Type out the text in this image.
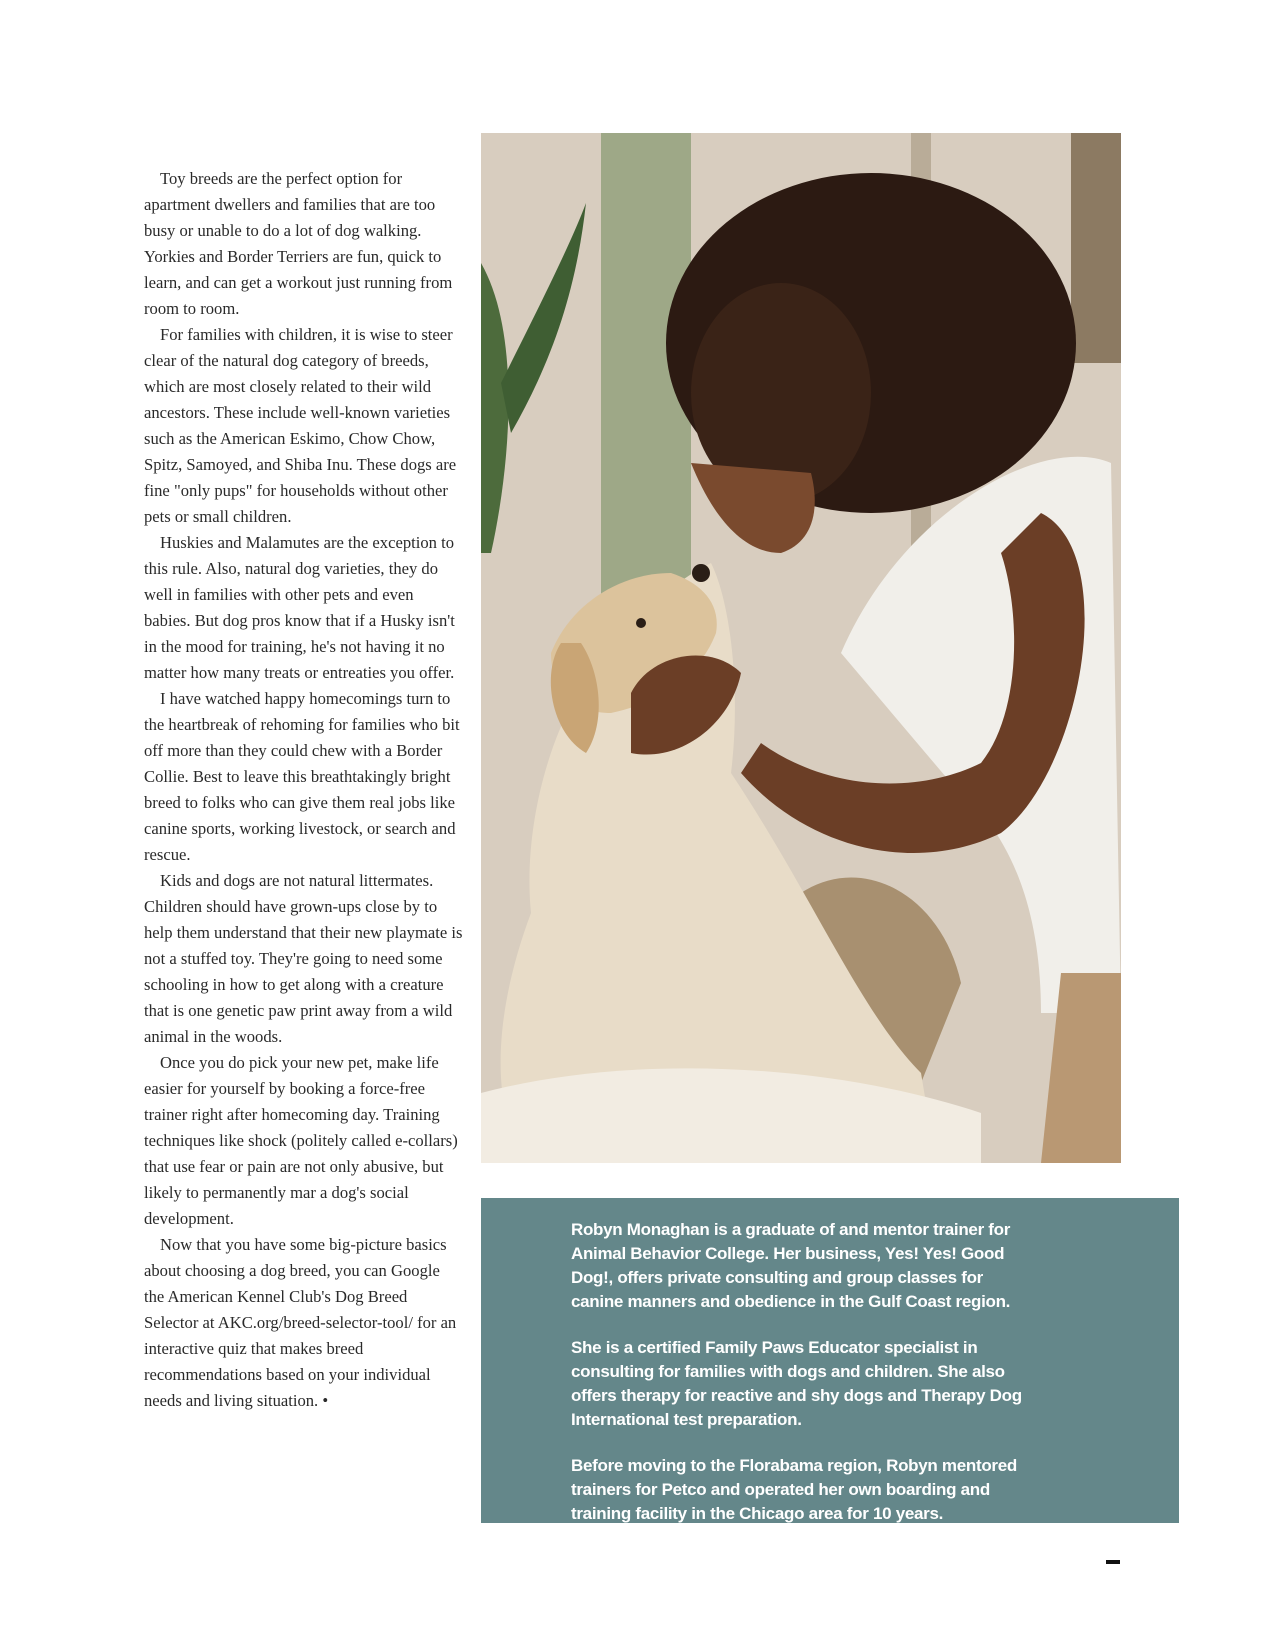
Toy breeds are the perfect option for apartment dwellers and families that are too busy or unable to do a lot of dog walking. Yorkies and Border Terriers are fun, quick to learn, and can get a workout just running from room to room.

For families with children, it is wise to steer clear of the natural dog category of breeds, which are most closely related to their wild ancestors. These include well-known varieties such as the American Eskimo, Chow Chow, Spitz, Samoyed, and Shiba Inu. These dogs are fine "only pups" for households without other pets or small children.

Huskies and Malamutes are the exception to this rule. Also, natural dog varieties, they do well in families with other pets and even babies. But dog pros know that if a Husky isn't in the mood for training, he's not having it no matter how many treats or entreaties you offer.

I have watched happy homecomings turn to the heartbreak of rehoming for families who bit off more than they could chew with a Border Collie. Best to leave this breathtakingly bright breed to folks who can give them real jobs like canine sports, working livestock, or search and rescue.

Kids and dogs are not natural littermates. Children should have grown-ups close by to help them understand that their new playmate is not a stuffed toy. They're going to need some schooling in how to get along with a creature that is one genetic paw print away from a wild animal in the woods.

Once you do pick your new pet, make life easier for yourself by booking a force-free trainer right after homecoming day. Training techniques like shock (politely called e-collars) that use fear or pain are not only abusive, but likely to permanently mar a dog's social development.

Now that you have some big-picture basics about choosing a dog breed, you can Google the American Kennel Club's Dog Breed Selector at AKC.org/breed-selector-tool/ for an interactive quiz that makes breed recommendations based on your individual needs and living situation. •

Robyn Monaghan is a graduate of and mentor trainer for Animal Behavior College. Her business, Yes! Yes! Good Dog!, offers private consulting and group classes for canine manners and obedience in the Gulf Coast region.

She is a certified Family Paws Educator specialist in consulting for families with dogs and children. She also offers therapy for reactive and shy dogs and Therapy Dog International test preparation.

Before moving to the Florabama region, Robyn mentored trainers for Petco and operated her own boarding and training facility in the Chicago area for 10 years.
